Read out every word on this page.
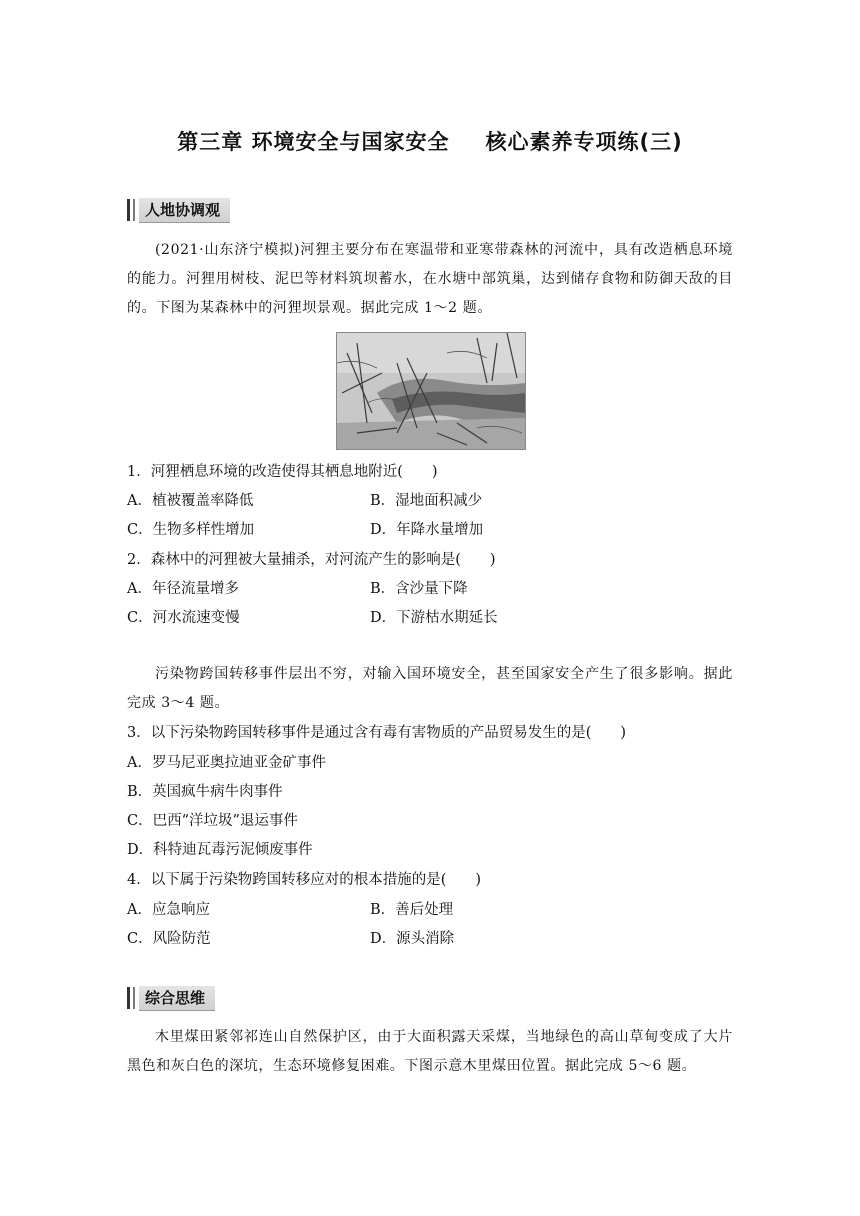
第三章 环境安全与国家安全 核心素养专项练(三)
人地协调观
(2021·山东济宁模拟)河狸主要分布在寒温带和亚寒带森林的河流中，具有改造栖息环境的能力。河狸用树枝、泥巴等材料筑坝蓄水，在水塘中部筑巢，达到储存食物和防御天敌的目的。下图为某森林中的河狸坝景观。据此完成 1～2 题。
1．河狸栖息环境的改造使得其栖息地附近(　　)
A．植被覆盖率降低	B．湿地面积减少
C．生物多样性增加	D．年降水量增加
2．森林中的河狸被大量捕杀，对河流产生的影响是(　　)
A．年径流量增多	B．含沙量下降
C．河水流速变慢	D．下游枯水期延长
污染物跨国转移事件层出不穷，对输入国环境安全，甚至国家安全产生了很多影响。据此完成 3～4 题。
3．以下污染物跨国转移事件是通过含有毒有害物质的产品贸易发生的是(　　)
A．罗马尼亚奥拉迪亚金矿事件
B．英国疯牛病牛肉事件
C．巴西“洋垃圾”退运事件
D．科特迪瓦毒污泥倾废事件
4．以下属于污染物跨国转移应对的根本措施的是(　　)
A．应急响应	B．善后处理
C．风险防范	D．源头消除
综合思维
木里煤田紧邻祁连山自然保护区，由于大面积露天采煤，当地绿色的高山草甸变成了大片黑色和灰白色的深坑，生态环境修复困难。下图示意木里煤田位置。据此完成 5～6 题。
